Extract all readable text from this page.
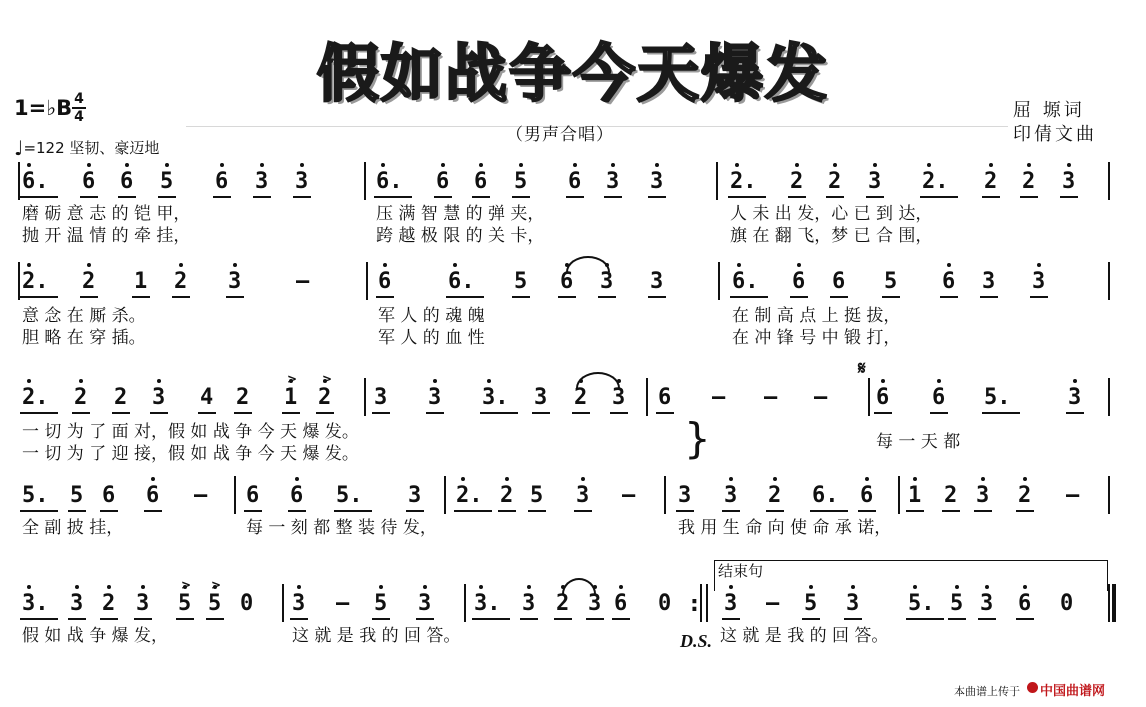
假如战争今天爆发
1=♭B 4
4
♩=122 坚韧、豪迈地
（男声合唱）
屈 塬词
印倩文曲
6. 6 6 5 6 3 3	6. 6 6 5 6 3 3	2. 2 2 3 2. 2 2 3
磨 砺 意 志 的 铠 甲，	压 满 智 慧 的 弹 夹，	人 未 出 发，心 已 到 达，
抛 开 温 情 的 牵 挂，	跨 越 极 限 的 关 卡，	旗 在 翻 飞，梦 已 合 围，
2. 2 1 2 3 –	6	6. 5 6 3 3	6. 6 6 5 6 3 3
意 念 在 厮 杀。	军 人 的 魂 魄	在 制 高 点 上 挺 拔，
胆 略 在 穿 插。	军 人 的 血 性	在 冲 锋 号 中 锻 打，
2. 2 2 3 4 2 1 2 3 3 3. 3 2 3 6 – – – 6 6 5.	3
一 切 为 了 面 对，假 如 战 争 今 天 爆 发。
一 切 为 了 迎 接，假 如 战 争 今 天 爆 发。
每 一 天 都
5. 5 6 6 – 6 6 5. 3 2. 2 5 3 – 3 3 2 6. 6 1 2 3 2 –
全 副 披 挂，	每 一 刻 都 整 装 待 发，	我 用 生 命 向 使 命 承 诺，
3. 3 2 3 5 5 0 3 – 5 3 3. 3 2 3 6 0 3 – 5 3 5. 5 3 6 0
假 如 战 争 爆 发，	这 就 是 我 的 回 答。	这 就 是 我 的 回 答。
𝄋
}
> >
> >
结束句
D.S.
:
本曲谱上传于 中国曲谱网
